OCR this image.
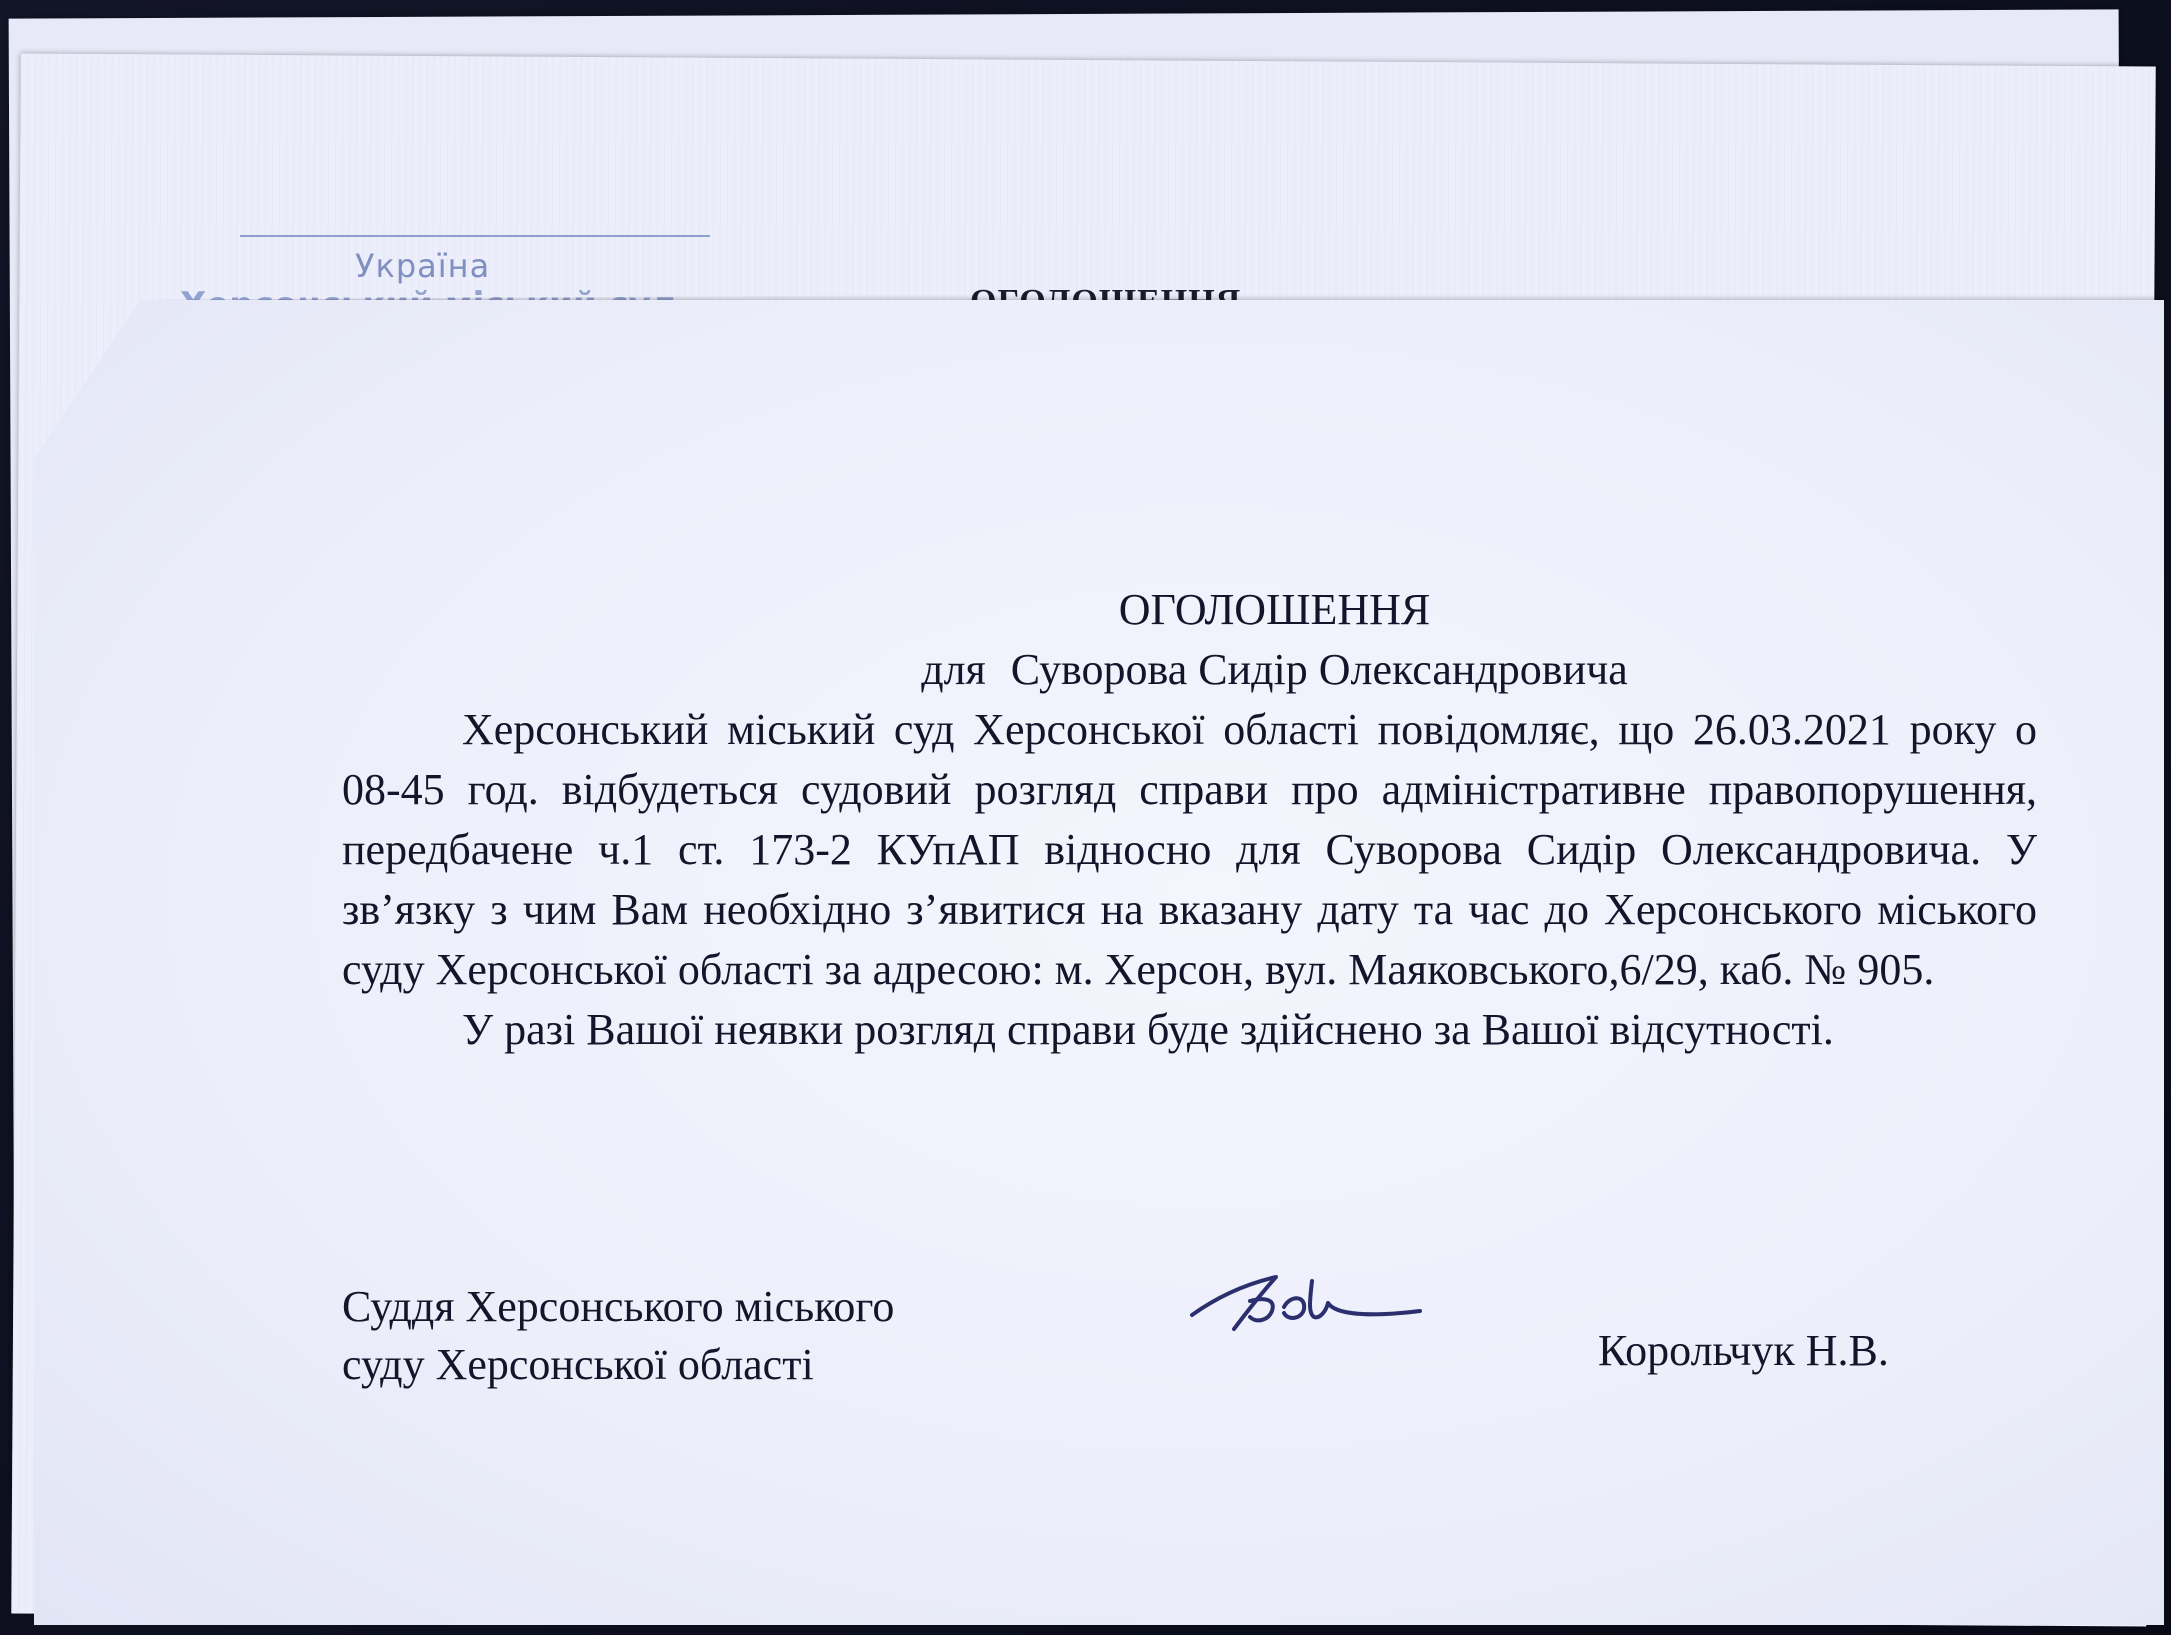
Україна

ОГОЛОШЕННЯ

для Суворова Сидір Олександровича

Херсонський міський суд Херсонської області повідомляє, що 26.03.2021 року о 08-45 год. відбудеться судовий розгляд справи про адміністративне правопорушення, передбачене ч.1 ст. 173-2 КУпАП відносно для Суворова Сидір Олександровича. У зв’язку з чим Вам необхідно з’явитися на вказану дату та час до Херсонського міського суду Херсонської області за адресою: м. Херсон, вул. Маяковського,6/29, каб. № 905.

У разі Вашої неявки розгляд справи буде здійснено за Вашої відсутності.

Суддя Херсонського міського
суду Херсонської області	Корольчук Н.В.
